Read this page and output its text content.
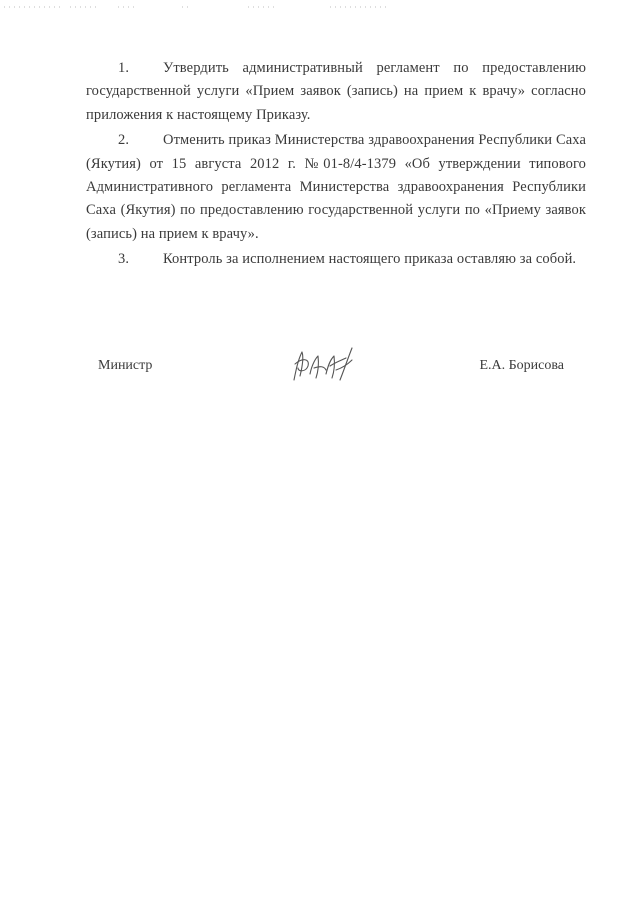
1. Утвердить административный регламент по предоставлению государственной услуги «Прием заявок (запись) на прием к врачу» согласно приложения к настоящему Приказу.

2. Отменить приказ Министерства здравоохранения Республики Саха (Якутия) от 15 августа 2012 г. №01-8/4-1379 «Об утверждении типового Административного регламента Министерства здравоохранения Республики Саха (Якутия) по предоставлению государственной услуги по «Приему заявок (запись) на прием к врачу».

3. Контроль за исполнением настоящего приказа оставляю за собой.

Министр	Е.А. Борисова
